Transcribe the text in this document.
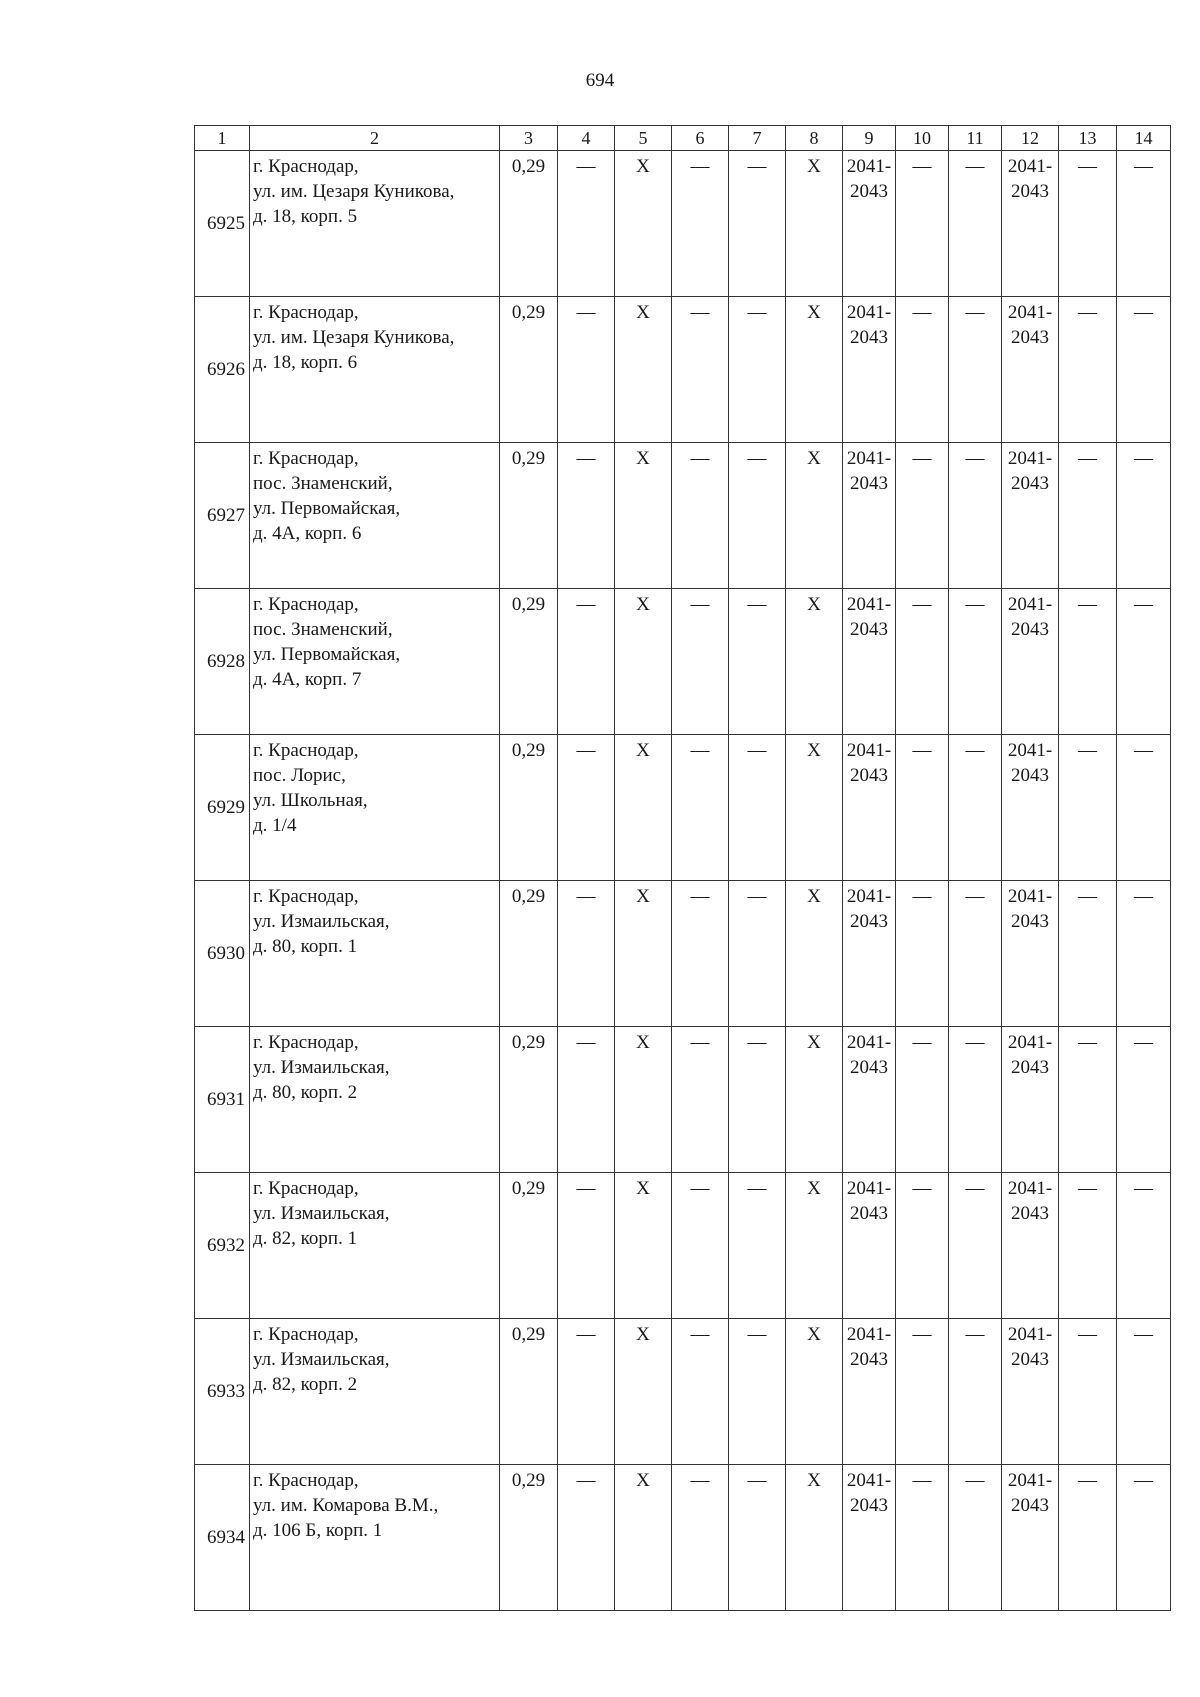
694
1	2	3	4	5	6	7	8	9	10	11	12	13	14
6925	г. Краснодар,
ул. им. Цезаря Куникова,
д. 18, корп. 5	0,29	—	Х	—	—	Х	2041-
2043	—	—	2041-
2043	—	—
6926	г. Краснодар,
ул. им. Цезаря Куникова,
д. 18, корп. 6	0,29	—	Х	—	—	Х	2041-
2043	—	—	2041-
2043	—	—
6927	г. Краснодар,
пос. Знаменский,
ул. Первомайская,
д. 4А, корп. 6	0,29	—	Х	—	—	Х	2041-
2043	—	—	2041-
2043	—	—
6928	г. Краснодар,
пос. Знаменский,
ул. Первомайская,
д. 4А, корп. 7	0,29	—	Х	—	—	Х	2041-
2043	—	—	2041-
2043	—	—
6929	г. Краснодар,
пос. Лорис,
ул. Школьная,
д. 1/4	0,29	—	Х	—	—	Х	2041-
2043	—	—	2041-
2043	—	—
6930	г. Краснодар,
ул. Измаильская,
д. 80, корп. 1	0,29	—	Х	—	—	Х	2041-
2043	—	—	2041-
2043	—	—
6931	г. Краснодар,
ул. Измаильская,
д. 80, корп. 2	0,29	—	Х	—	—	Х	2041-
2043	—	—	2041-
2043	—	—
6932	г. Краснодар,
ул. Измаильская,
д. 82, корп. 1	0,29	—	Х	—	—	Х	2041-
2043	—	—	2041-
2043	—	—
6933	г. Краснодар,
ул. Измаильская,
д. 82, корп. 2	0,29	—	Х	—	—	Х	2041-
2043	—	—	2041-
2043	—	—
6934	г. Краснодар,
ул. им. Комарова В.М.,
д. 106 Б, корп. 1	0,29	—	Х	—	—	Х	2041-
2043	—	—	2041-
2043	—	—
